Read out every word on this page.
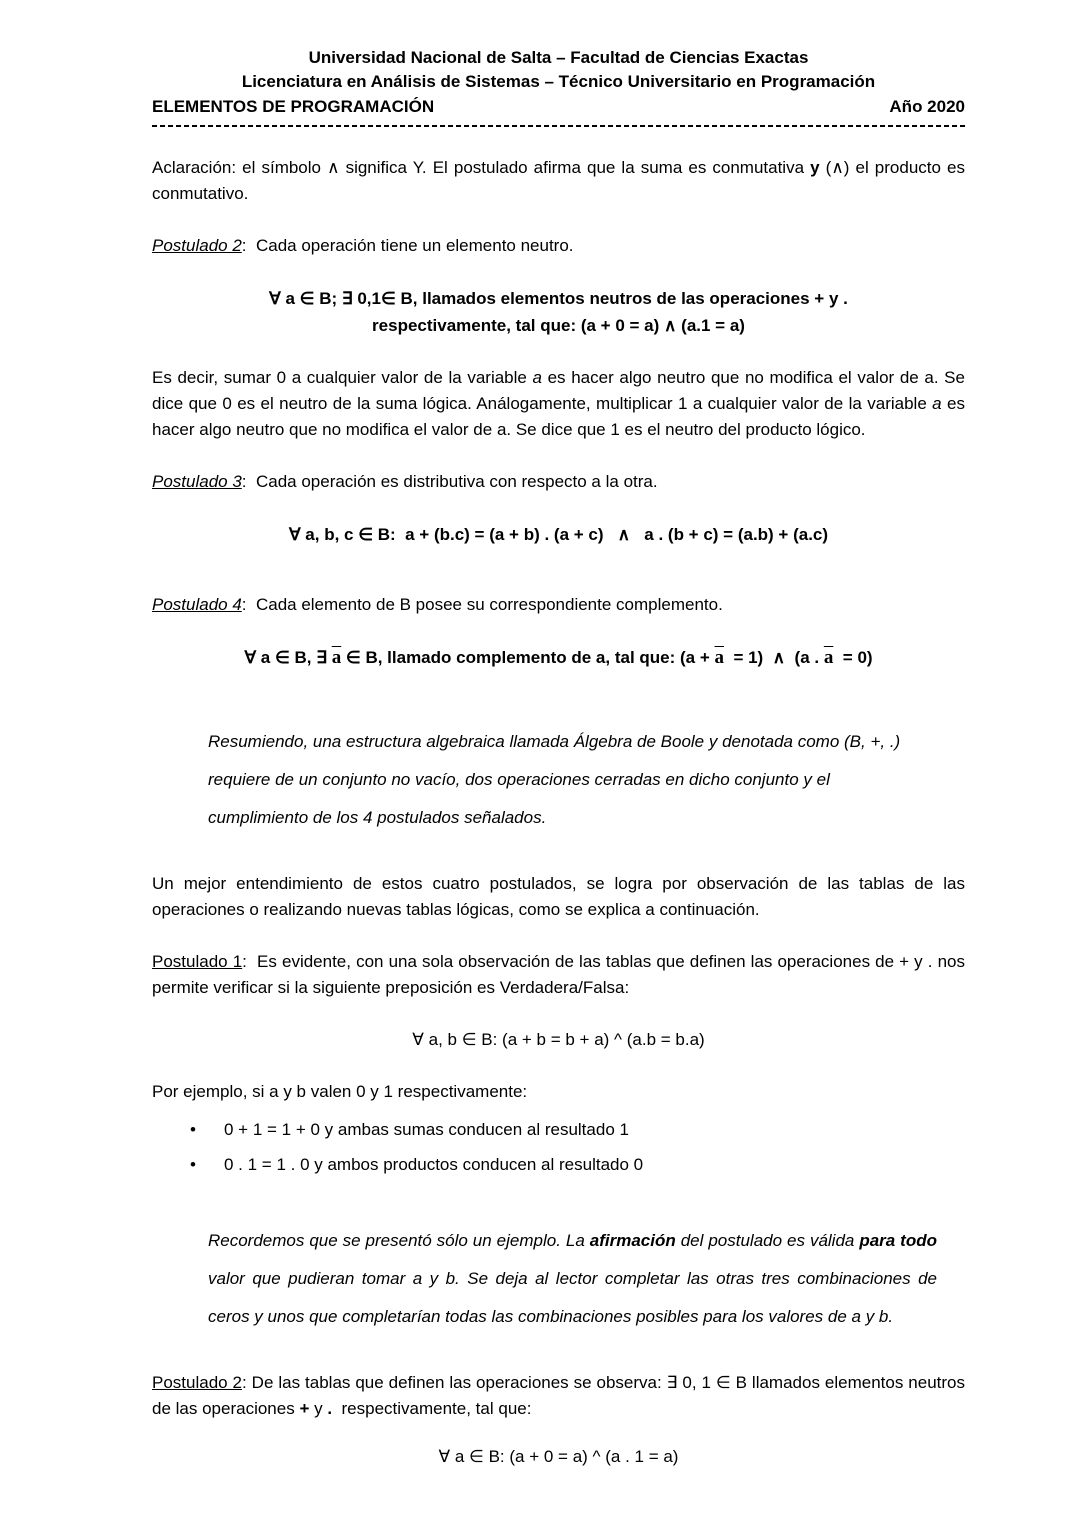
Universidad Nacional de Salta – Facultad de Ciencias Exactas
Licenciatura en Análisis de Sistemas – Técnico Universitario en Programación
ELEMENTOS DE PROGRAMACIÓN	Año 2020

Aclaración: el símbolo ∧ significa Y. El postulado afirma que la suma es conmutativa y (∧) el producto es conmutativo.

Postulado 2:  Cada operación tiene un elemento neutro.

∀ a ∈ B; ∃ 0,1∈ B, llamados elementos neutros de las operaciones + y .
respectivamente, tal que: (a + 0 = a) ∧ (a.1 = a)

Es decir, sumar 0 a cualquier valor de la variable a es hacer algo neutro que no modifica el valor de a. Se dice que 0 es el neutro de la suma lógica. Análogamente, multiplicar 1 a cualquier valor de la variable a es hacer algo neutro que no modifica el valor de a. Se dice que 1 es el neutro del producto lógico.

Postulado 3:  Cada operación es distributiva con respecto a la otra.

∀ a, b, c ∈ B:  a + (b.c) = (a + b) . (a + c)   ∧   a . (b + c) = (a.b) + (a.c)

Postulado 4:  Cada elemento de B posee su correspondiente complemento.

∀ a ∈ B, ∃ $\overline{a}$ ∈ B, llamado complemento de a, tal que: $(a + \overline{a} = 1)$  ∧  (a . $\overline{a} = 0$)
Resumiendo, una estructura algebraica llamada Álgebra de Boole y denotada como (B, +, .) requiere de un conjunto no vacío, dos operaciones cerradas en dicho conjunto y el cumplimiento de los 4 postulados señalados.

Un mejor entendimiento de estos cuatro postulados, se logra por observación de las tablas de las operaciones o realizando nuevas tablas lógicas, como se explica a continuación.

Postulado 1:  Es evidente, con una sola observación de las tablas que definen las operaciones de + y . nos permite verificar si la siguiente preposición es Verdadera/Falsa:

∀ a, b ∈ B: (a + b = b + a) ^ (a.b = b.a)

Por ejemplo, si a y b valen 0 y 1 respectivamente:

•	0 + 1 = 1 + 0 y ambas sumas conducen al resultado 1
•	0 . 1 = 1 . 0 y ambos productos conducen al resultado 0
Recordemos que se presentó sólo un ejemplo. La afirmación del postulado es válida para todo valor que pudieran tomar a y b. Se deja al lector completar las otras tres combinaciones de ceros y unos que completarían todas las combinaciones posibles para los valores de a y b.

Postulado 2: De las tablas que definen las operaciones se observa: ∃ 0, 1 ∈ B llamados elementos neutros de las operaciones + y .  respectivamente, tal que:

∀ a ∈ B: (a + 0 = a) ^ (a . 1 = a)
